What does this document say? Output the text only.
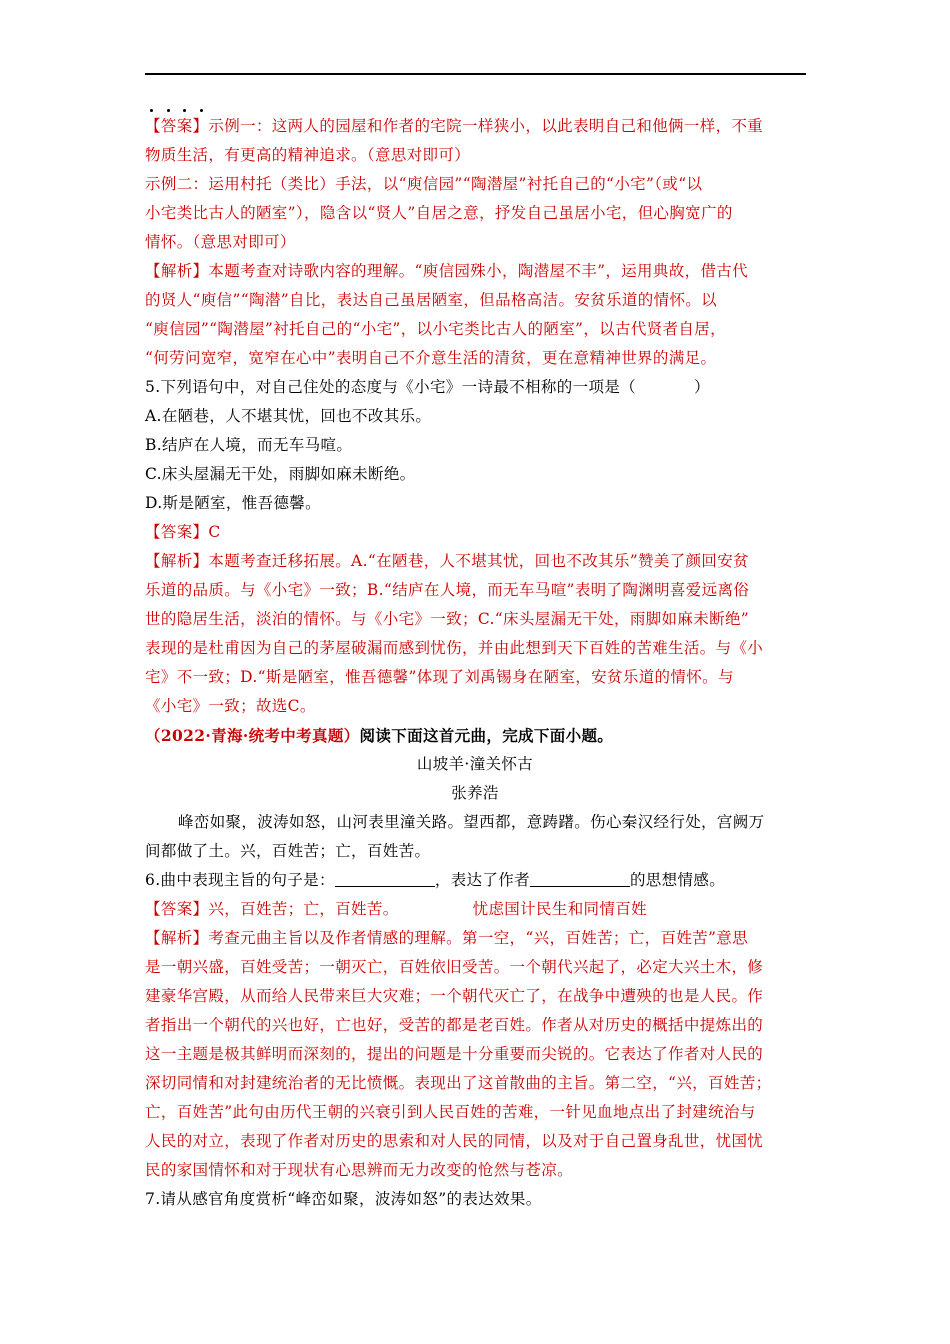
【答案】示例一：这两人的园屋和作者的宅院一样狭小，以此表明自己和他俩一样，不重
物质生活，有更高的精神追求。（意思对即可）
示例二：运用村托（类比）手法，以“庾信园”“陶潜屋”衬托自己的“小宅”（或“以
小宅类比古人的陋室”），隐含以“贤人”自居之意，抒发自己虽居小宅，但心胸宽广的
情怀。（意思对即可）
【解析】本题考查对诗歌内容的理解。“庾信园殊小，陶潜屋不丰”，运用典故，借古代
的贤人“庾信”“陶潜”自比，表达自己虽居陋室，但品格高洁。安贫乐道的情怀。以
“庾信园”“陶潜屋”衬托自己的“小宅”，以小宅类比古人的陋室”，以古代贤者自居，
“何劳问宽窄，宽窄在心中”表明自己不介意生活的清贫，更在意精神世界的满足。
5.下列语句中，对自己住处的态度与《小宅》一诗
最不相称的一项是（	）
A.在陋巷，人不堪其忧，回也不改其乐。
B.结庐在人境，而无车马喧。
C.床头屋漏无干处，雨脚如麻未断绝。
D.斯是陋室，惟吾德馨。
【答案】C
【解析】本题考查迁移拓展。A.“在陋巷，人不堪其忧，回也不改其乐”赞美了颜回安贫
乐道的品质。与《小宅》一致；B.“结庐在人境，而无车马喧”表明了陶渊明喜爱远离俗
世的隐居生活，淡泊的情怀。与《小宅》一致；C.“床头屋漏无干处，雨脚如麻未断绝”
表现的是杜甫因为自己的茅屋破漏而感到忧伤，并由此想到天下百姓的苦难生活。与《小
宅》不一致；D.“斯是陋室，惟吾德馨”体现了刘禹锡身在陋室，安贫乐道的情怀。与
《小宅》一致；故选C。
（2022·青海·统考中考真题）阅读下面这首元曲，完成下面小题。
山坡羊·潼关怀古
张养浩
峰峦如聚，波涛如怒，山河表里潼关路。望西都，意踌躇。伤心秦汉经行处，宫阙万
间都做了土。兴，百姓苦；亡，百姓苦。
6.曲中表现主旨的句子是：	，表达了作者	的思想情感。
【答案】兴，百姓苦；亡，百姓苦。	忧虑国计民生和同情百姓
【解析】考查元曲主旨以及作者情感的理解。第一空，“兴，百姓苦；亡，百姓苦”意思
是一朝兴盛，百姓受苦；一朝灭亡，百姓依旧受苦。一个朝代兴起了，必定大兴土木，修
建豪华宫殿，从而给人民带来巨大灾难；一个朝代灭亡了，在战争中遭殃的也是人民。作
者指出一个朝代的兴也好，亡也好，受苦的都是老百姓。作者从对历史的概括中提炼出的
这一主题是极其鲜明而深刻的，提出的问题是十分重要而尖锐的。它表达了作者对人民的
深切同情和对封建统治者的无比愤慨。表现出了这首散曲的主旨。第二空，“兴，百姓苦；
亡，百姓苦”此句由历代王朝的兴衰引到人民百姓的苦难，一针见血地点出了封建统治与
人民的对立，表现了作者对历史的思索和对人民的同情，以及对于自己置身乱世，忧国忧
民的家国情怀和对于现状有心思辨而无力改变的怆然与苍凉。
7.请从感官角度赏析“峰峦如聚，波涛如怒”的表达效果。
